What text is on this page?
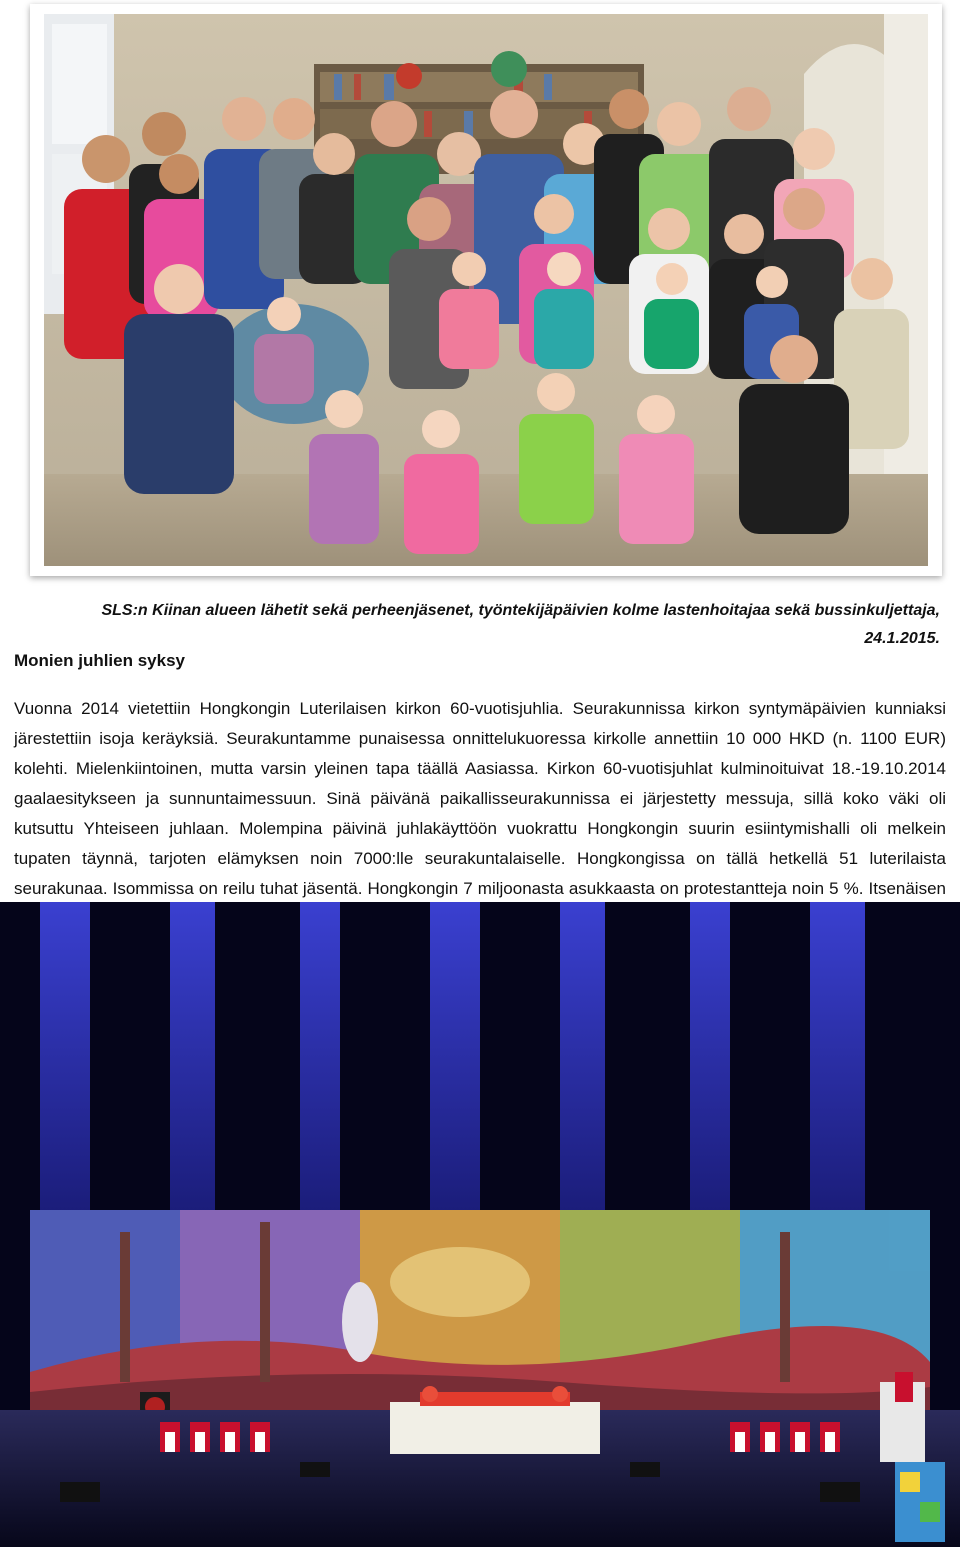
SLS:n Kiinan alueen lähetit sekä perheenjäsenet, työntekijäpäivien kolme lastenhoitajaa sekä bussinkuljettaja,
24.1.2015.
Monien juhlien syksy

Vuonna 2014 vietettiin Hongkongin Luterilaisen kirkon 60-vuotisjuhlia. Seurakunnissa kirkon syntymäpäivien kunniaksi järestettiin isoja keräyksiä. Seurakuntamme punaisessa onnittelukuoressa kirkolle annettiin 10 000 HKD (n. 1100 EUR) kolehti. Mielenkiintoinen, mutta varsin yleinen tapa täällä Aasiassa. Kirkon 60-vuotisjuhlat kulminoituivat 18.-19.10.2014 gaalaesitykseen ja sunnuntaimessuun. Sinä päivänä paikallisseurakunnissa ei järjestetty messuja, sillä koko väki oli kutsuttu Yhteiseen juhlaan. Molempina päivinä juhlakäyttöön vuokrattu Hongkongin suurin esiintymishalli oli melkein tupaten täynnä, tarjoten elämyksen noin 7000:lle seurakuntalaiselle. Hongkongissa on tällä hetkellä 51 luterilaista seurakunaa. Isommissa on reilu tuhat jäsentä. Hongkongin 7 miljoonasta asukkaasta on protestantteja noin 5 %. Itsenäisen
